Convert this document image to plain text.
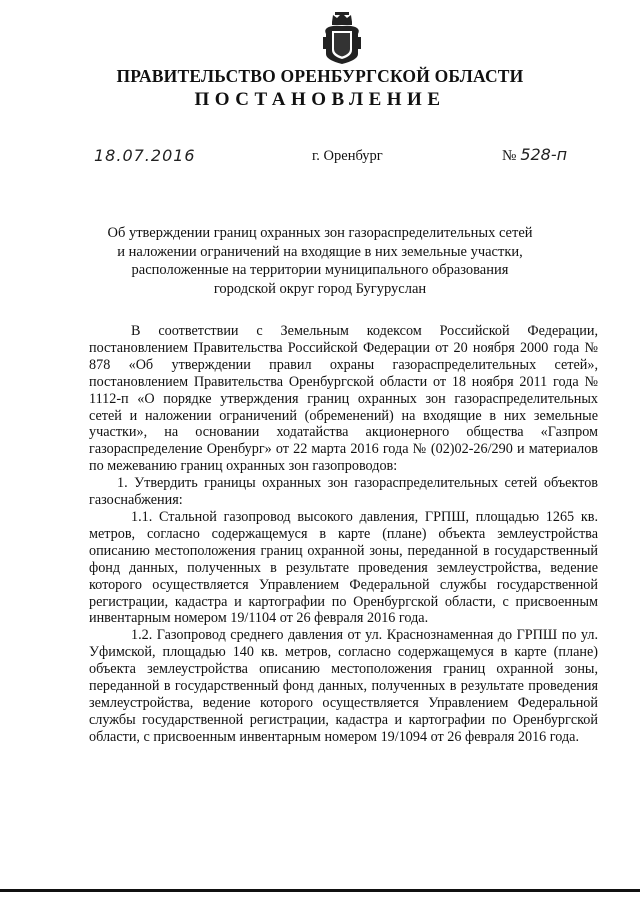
ПРАВИТЕЛЬСТВО ОРЕНБУРГСКОЙ ОБЛАСТИ
ПОСТАНОВЛЕНИЕ
18.07.2016	г. Оренбург	№ 528-п
Об утверждении границ охранных зон газораспределительных сетей
и наложении ограничений на входящие в них земельные участки,
расположенные на территории муниципального образования
городской округ город Бугуруслан

В соответствии с Земельным кодексом Российской Федерации, постановлением Правительства Российской Федерации от 20 ноября 2000 года № 878 «Об утверждении правил охраны газораспределительных сетей», постановлением Правительства Оренбургской области от 18 ноября 2011 года № 1112-п «О порядке утверждения границ охранных зон газораспределительных сетей и наложении ограничений (обременений) на входящие в них земельные участки», на основании ходатайства акционерного общества «Газпром газораспределение Оренбург» от 22 марта 2016 года № (02)02-26/290 и материалов по межеванию границ охранных зон газопроводов:

1. Утвердить границы охранных зон газораспределительных сетей объектов газоснабжения:

1.1. Стальной газопровод высокого давления, ГРПШ, площадью 1265 кв. метров, согласно содержащемуся в карте (плане) объекта землеустройства описанию местоположения границ охранной зоны, переданной в государственный фонд данных, полученных в результате проведения землеустройства, ведение которого осуществляется Управлением Федеральной службы государственной регистрации, кадастра и картографии по Оренбургской области, с присвоенным инвентарным номером 19/1104 от 26 февраля 2016 года.

1.2. Газопровод среднего давления от ул. Краснознаменная до ГРПШ по ул. Уфимской, площадью 140 кв. метров, согласно содержащемуся в карте (плане) объекта землеустройства описанию местоположения границ охранной зоны, переданной в государственный фонд данных, полученных в результате проведения землеустройства, ведение которого осуществляется Управлением Федеральной службы государственной регистрации, кадастра и картографии по Оренбургской области, с присвоенным инвентарным номером 19/1094 от 26 февраля 2016 года.
